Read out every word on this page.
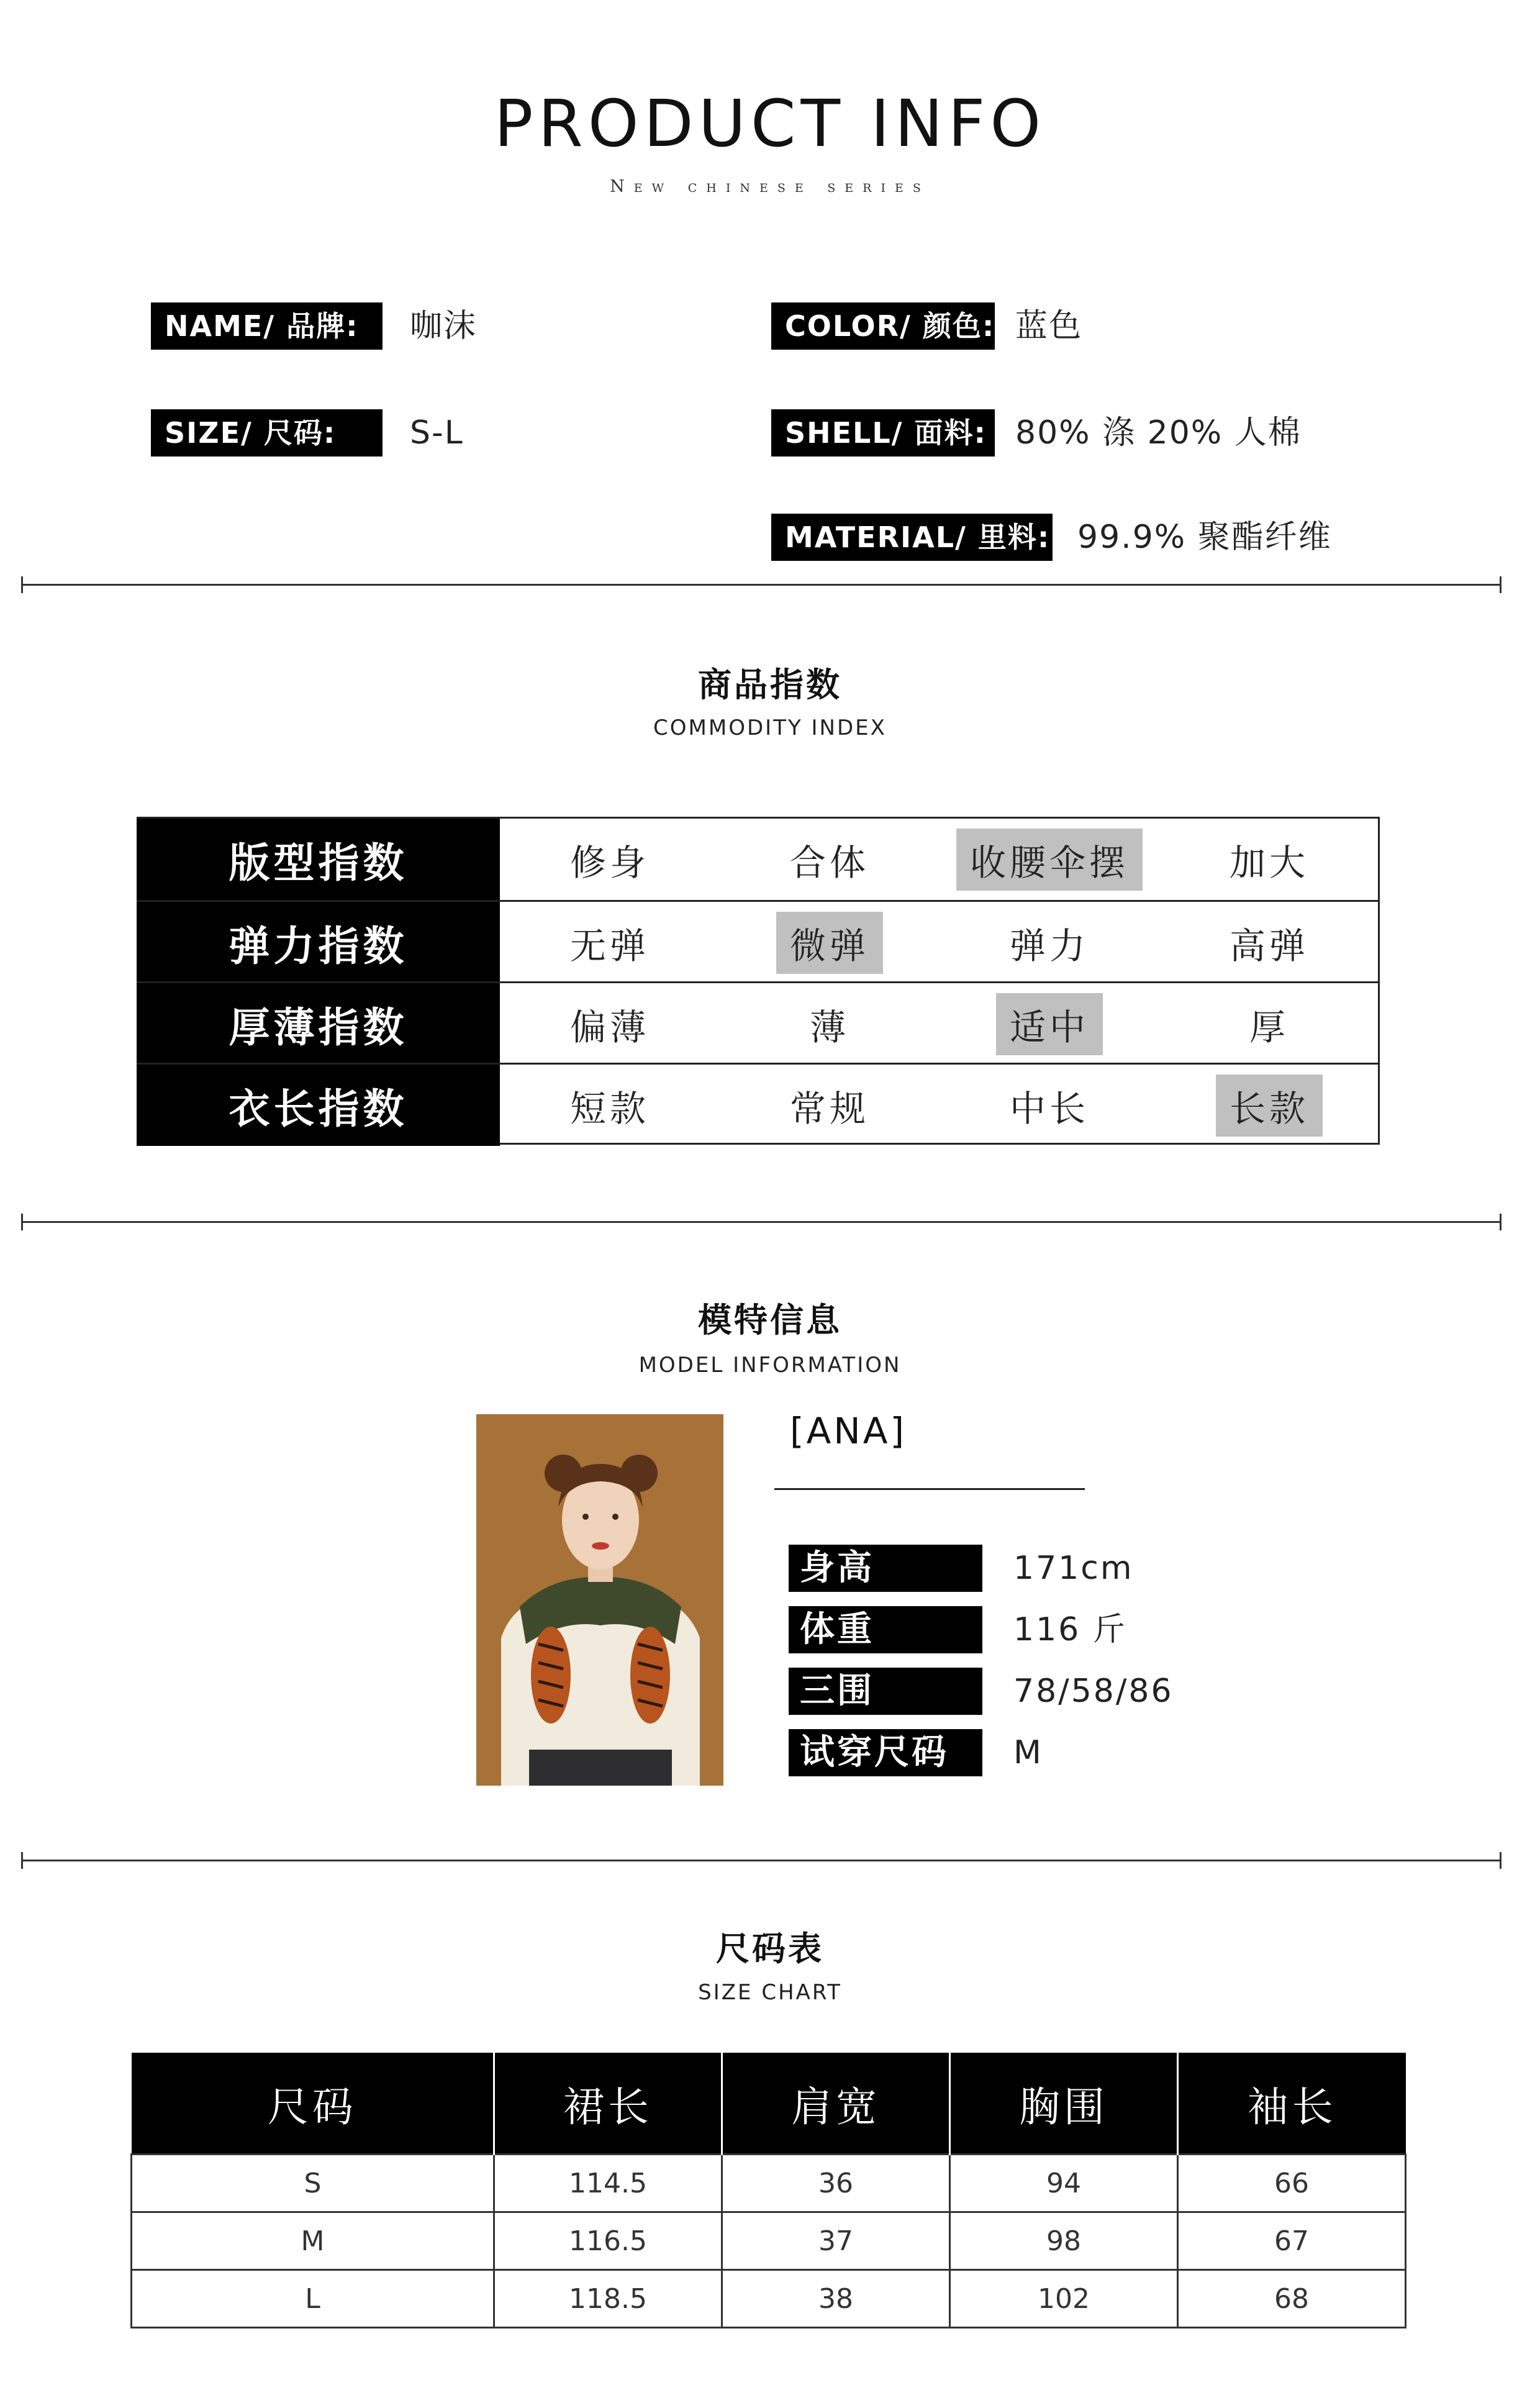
PRODUCT INFO
New chinese series
NAME/ 品牌:	咖沫	COLOR/ 颜色: 蓝色
SIZE/ 尺码:	S-L	SHELL/ 面料: 80% 涤 20% 人棉
MATERIAL/ 里料: 99.9% 聚酯纤维
商品指数
COMMODITY INDEX
版型指数	修身	合体	收腰伞摆	加大
弹力指数	无弹	微弹	弹力	高弹
厚薄指数	偏薄	薄	适中	厚
衣长指数	短款	常规	中长	长款
模特信息
MODEL INFORMATION
[ANA]
身高	171cm
体重	116 斤
三围	78/58/86
试穿尺码	M
尺码表
SIZE CHART
尺码	裙长	肩宽	胸围	袖长
S	114.5	36	94	66
M	116.5	37	98	67
L	118.5	38	102	68
